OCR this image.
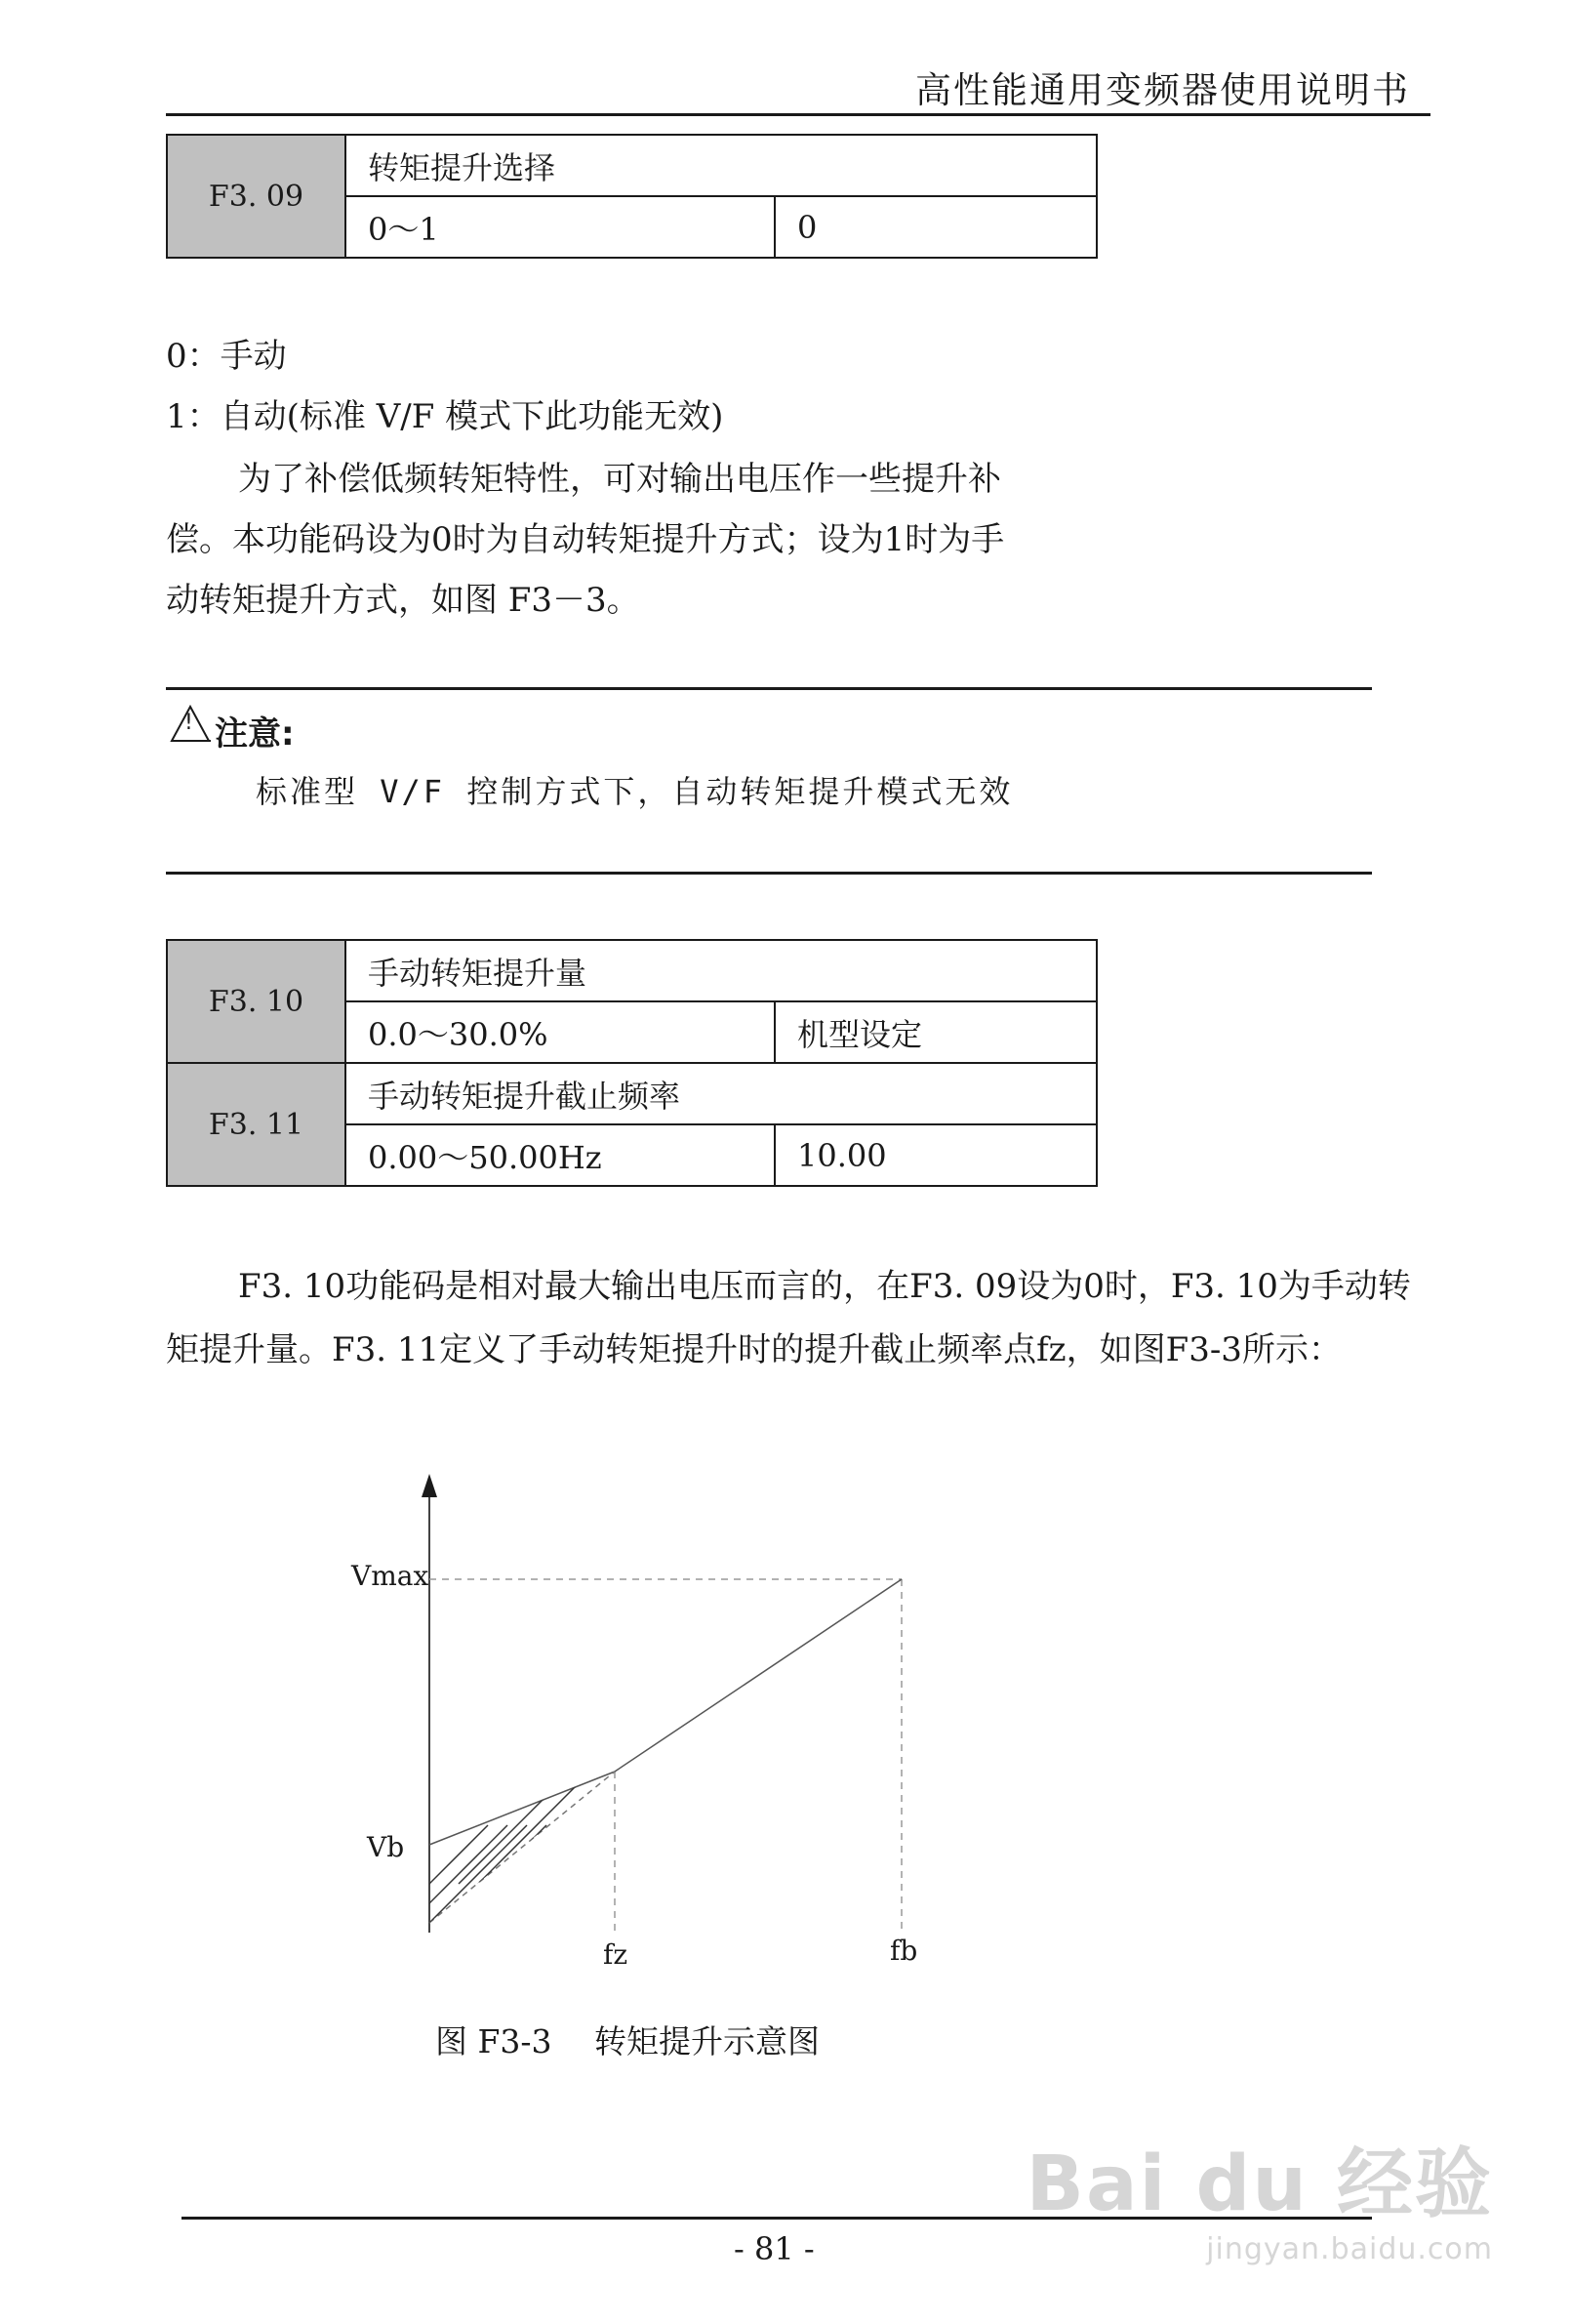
高性能通用变频器使用说明书
F3. 09	转矩提升选择	
	0～1	0
0：手动
1：自动(标准 V/F 模式下此功能无效)
为了补偿低频转矩特性，可对输出电压作一些提升补
偿。本功能码设为0时为自动转矩提升方式；设为1时为手
动转矩提升方式，如图 F3－3。
! 注意:
标准型 V/F 控制方式下，自动转矩提升模式无效
F3. 10	手动转矩提升量	
	0.0～30.0%	机型设定
F3. 11	手动转矩提升截止频率	
	0.00～50.00Hz	10.00
F3. 10功能码是相对最大输出电压而言的，在F3. 09设为0时，F3. 10为手动转
矩提升量。F3. 11定义了手动转矩提升时的提升截止频率点fz，如图F3-3所示：
Vmax
Vb
fz	fb
图 F3-3　 转矩提升示意图
- 81 -
Bai du 经验
jingyan.baidu.com
